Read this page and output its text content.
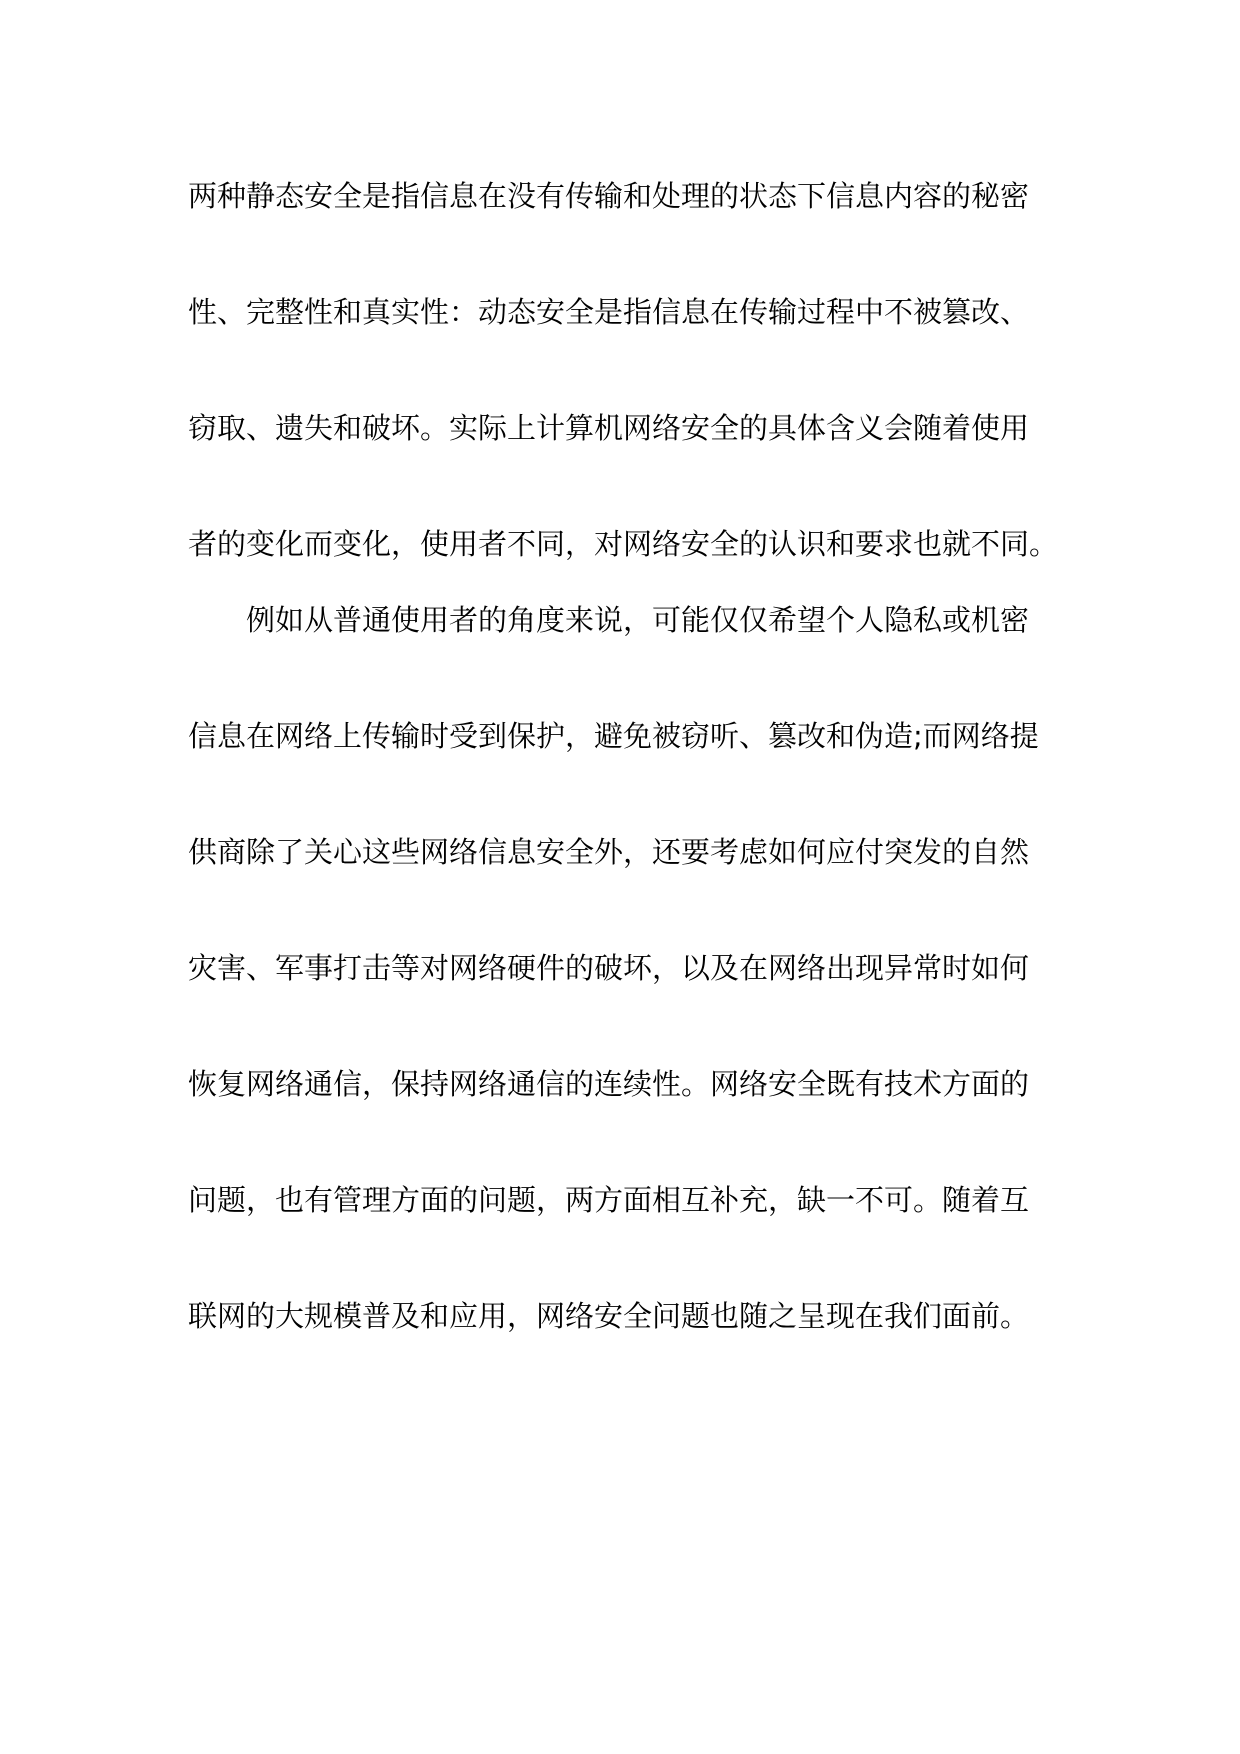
两种静态安全是指信息在没有传输和处理的状态下信息内容的秘密
性、完整性和真实性：动态安全是指信息在传输过程中不被篡改、
窃取、遗失和破坏。实际上计算机网络安全的具体含义会随着使用
者的变化而变化，使用者不同，对网络安全的认识和要求也就不同。
例如从普通使用者的角度来说，可能仅仅希望个人隐私或机密
信息在网络上传输时受到保护，避免被窃听、篡改和伪造;而网络提
供商除了关心这些网络信息安全外，还要考虑如何应付突发的自然
灾害、军事打击等对网络硬件的破坏，以及在网络出现异常时如何
恢复网络通信，保持网络通信的连续性。网络安全既有技术方面的
问题，也有管理方面的问题，两方面相互补充，缺一不可。随着互
联网的大规模普及和应用，网络安全问题也随之呈现在我们面前。
